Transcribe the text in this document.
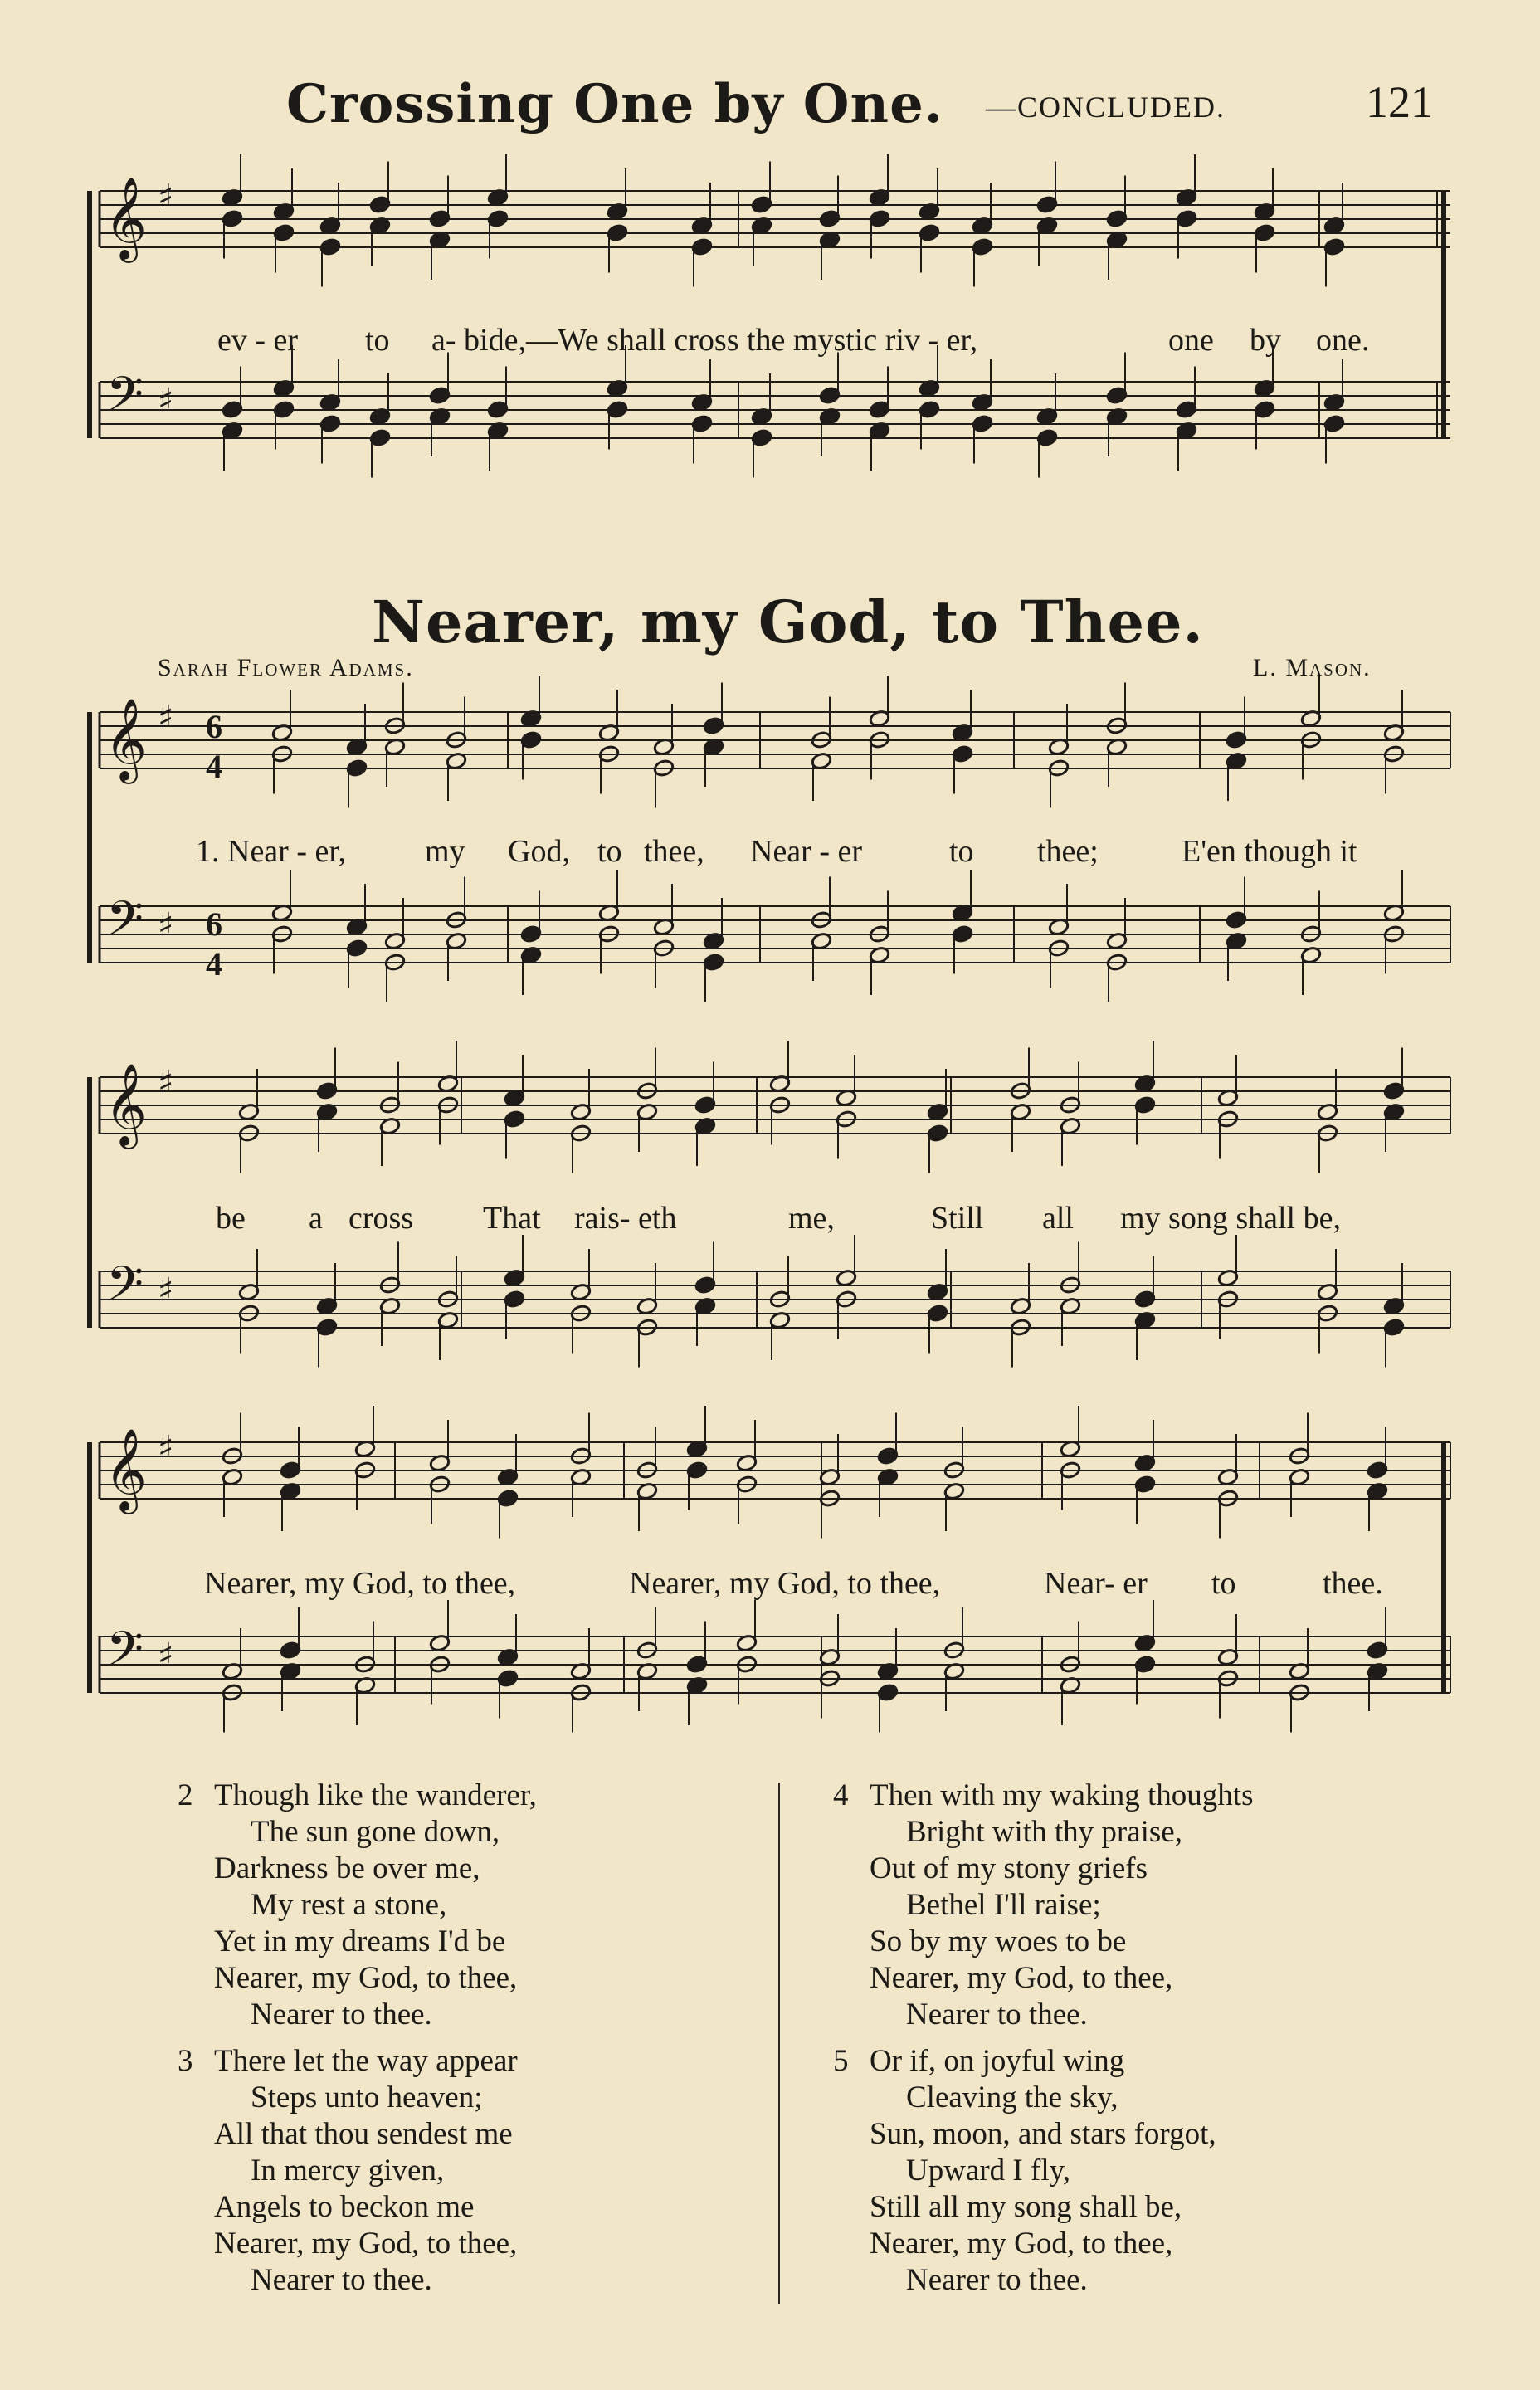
Crossing One by One. —CONCLUDED.	121
𝄞 ♯
𝄢 ♯
𝄞 ♯
𝄢 ♯
𝄞 ♯
𝄢 ♯
𝄞 ♯
𝄢 ♯
ev - er to a- bide,—We shall cross the mystic riv - er,	one by one.
Nearer, my God, to Thee.
Sarah Flower Adams.	L. Mason.
6
4
6
4
1. Near - er,	my God, to thee, Near - er	to thee;	E'en though it
be a cross That rais- eth	me,	Still all my song shall be,
Nearer, my God, to thee,	Nearer, my God, to thee,	Near- er to	thee.
2 Though like the wanderer,
The sun gone down,
Darkness be over me,
My rest a stone,
Yet in my dreams I'd be
Nearer, my God, to thee,
Nearer to thee.
3 There let the way appear
Steps unto heaven;
All that thou sendest me
In mercy given,
Angels to beckon me
Nearer, my God, to thee,
Nearer to thee.
4 Then with my waking thoughts
Bright with thy praise,
Out of my stony griefs
Bethel I'll raise;
So by my woes to be
Nearer, my God, to thee,
Nearer to thee.
5 Or if, on joyful wing
Cleaving the sky,
Sun, moon, and stars forgot,
Upward I fly,
Still all my song shall be,
Nearer, my God, to thee,
Nearer to thee.
